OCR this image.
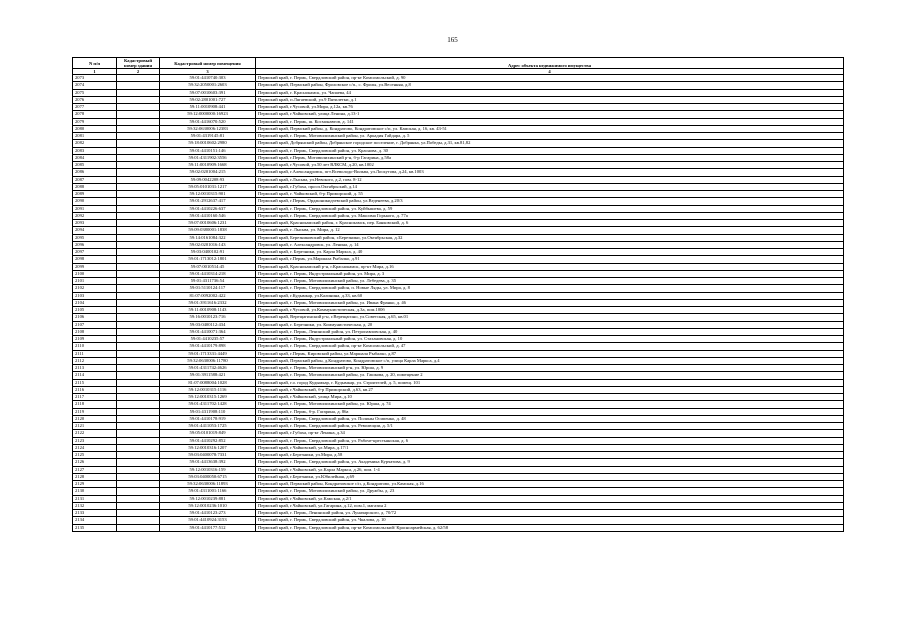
165
N п/п	Кадастровый номер здания	Кадастровый номер помещения	Адрес объекта недвижимого имущества
1	2	3	4
2073		59:01:4410740:303	Пермский край, г. Пермь, Свердловский район, пр-кт Комсомольский, д. 90
2074		59:32:2050001:2603	Пермский край, Пермский район, Фроловское с/п., с. Фролы, ул.Весенняя, д.8
2075		59:07:0010603:391	Пермский край, г. Краснокамск, ул. Чапаева, 44
2076		59:02:2801001:727	Пермский край, п.Лягаевский, ул.9 Пятилетки, д.1
2077		59:11:0010908:441	Пермский край, г.Чусовой, ул.Мира, д.12а, кв.76
2078		59:12:0000000:16923	Пермский край, г.Чайковский, улица Ленина, д.13-1
2079		59:01:4416070:520	Пермский край, г. Пермь, ш. Космонавтов, д. 141
2080		59:32:0630006:12383	Пермский край, Пермский район, д. Кондратово, Кондратовское с/п, ул. Камская, д. 16, кв. 43-51
2081		59:01:4319145:81	Пермский край, г. Пермь, Мотовилихинский район, ул. Аркадия Гайдара, д. 5
2082		59:18:0010602:2980	Пермский край, Добрянский район, Добрянское городское поселение, г. Добрянка, ул.Победы, д.31, кв.81,82
2083		59:01:4410151:146	Пермский край, г. Пермь, Свердловский район, ул. Краснова, д. 30
2084		59:01:4311902:3556	Пермский край, г.Пермь, Мотовилихинский р-н, б-р Гагарина, д.58а
2085		59:11:0010909:1668	Пермский край, г.Чусовой, ул.50 лет ВЛКСМ, д.20, кв.1002
2086		59:02:0201004:215	Пермский край, г.Александровск, пгт.Всеволодо-Вильва, ул.Лоскутова, д.24, кв.1003
2087		59:09:0042208:93	Пермский край, г.Лысьва, ул.Невского, д.2, пом. 8-12
2088		59:05:0101031:1217	Пермский край, г.Губаха, просп.Октябрьский, д.14
2089		59:12:0010315:901	Пермский край, г. Чайковский, б-р Приморский, д. 55
2090		59:01:2912637:417	Пермский край, г.Пермь, Орджоникидзевский район, ул.Веденеева, д.20/3
2091		59:01:4410226:637	Пермский край, г. Пермь, Свердловский район, ул. Куйбышева, д. 59
2092		59:01:4410160:546	Пермский край, г. Пермь, Свердловский район, ул. Максима Горького, д. 77а
2093		59:07:0010606:1231	Пермский край, Краснокамский район, г. Краснокамск, пер. Банковский, д. 6
2094		59:09:0380001:1838	Пермский край, г. Лысьва, ул. Мира, д. 12
2095		59:14:0161084:322	Пермский край, Березниковский район, г.Березники, ул.Октябрьская, д.32
2096		59:02:0201016:143	Пермский край, г. Александровск, ул. Ленина, д. 14
2097		59:03:0400102:91	Пермский край, г. Березники, ул. Карла Маркса, д. 40
2098		59:01:1713012:1801	Пермский край, г.Пермь, ул.Маршала Рыбалко, д.91
2099		59:07:0010514:45	Пермский край, Краснокамский р-н, г.Краснокамск, пр-кт Мира, д.16
2100		59:01:4410314:218	Пермский край, г. Пермь, Индустриальный район, ул. Мира, д. 3
2101		59:01:4311736:54	Пермский край, г. Пермь, Мотовилихинский район, ул. Лебедева, д. 35
2102		59:01:5110124:117	Пермский край, г. Пермь, Свердловский район, п. Новые Ляды, ул. Мира, д. 8
2103		81:07:0092002:422	Пермский край, г.Кудымкар, ул.Калинина, д.33, кв.60
2104		59:01:3911616:2332	Пермский край, г. Пермь, Мотовилихинский район, ул. Ивана Франко, д. 46
2105		59:11:0010908:1143	Пермский край, г.Чусовой, ул.Коммунистическая, д.3а, пом.100б
2106		59:16:0010123:716	Пермский край, Верещагинский р-н, г.Верещагино, ул.Советская, д.65, кв.01
2107		59:03:0400112:434	Пермский край, г. Березники, ул. Коммунистическая, д. 20
2108		59:01:4410071:364	Пермский край, г. Пермь, Ленинский район, ул. Петропавловская, д. 40
2109		59:01:4410235:57	Пермский край, г. Пермь, Индустриальный район, ул. Стахановская, д. 10
2110		59:01:4410179:898	Пермский край, г. Пермь, Свердловский район, пр-кт Комсомольский, д. 47
2111		59:01:1713331:4449	Пермский край, г.Пермь, Кировский район, ул.Маршала Рыбалко, д.87
2112		59:32:0630006:11780	Пермский край, Пермский район, д.Кондратово, Кондратовское с/п, улица Карла Маркса, д.4
2113		59:01:4311742:4626	Пермский край, г. Пермь, Мотовилихинский р-н, ул. Юрша, д. 9
2114		59:01:3911588:421	Пермский край, г. Пермь, Мотовилихинский район, ул. Гашкова, д. 20, помещение 2
2115		81:07:0088004:1028	Пермский край, г.о. город Кудымкар, г. Кудымкар, ул. Строителей, д. 5, помещ. 101
2116		59:12:0010315:1116	Пермский край, г.Чайковский, б-р Приморский, д.63, кв.27
2117		59:12:0010315:1269	Пермский край, г.Чайковский, улица Мира, д.10
2118		59:01:4311702:1428	Пермский край, г. Пермь, Мотовилихинский район, ул. Юрша, д. 74
2119		59:01:4311908:110	Пермский край, г. Пермь, б-р. Гагарина, д. 86а
2120		59:01:4410178:919	Пермский край, г. Пермь, Свердловский район, ул. Полины Осипенко, д. 48
2121		59:01:4411053:1725	Пермский край, г. Пермь, Свердловский район, ул. Революции, д. 5/1
2122		59:05:0101019:849	Пермский край, г.Губаха, пр-кт Ленина, д.34
2123		59:01:4410292:852	Пермский край, г. Пермь, Свердловский район, ул. Рабоче-крестьянская, д. 6
2124		59:12:0010316:1207	Пермский край, г.Чайковский, ул.Мира, д.17/1
2125		59:03:0400078:7331	Пермский край, г.Березники, ул.Мира, д.58
2126		59:01:4413638:392	Пермский край, г. Пермь, Свердловский район, ул. Академика Курчатова, д. 9
2127		59:12:0010316:159	Пермский край, г.Чайковский, ул.Карла Маркса, д.26, пом. 1-4
2128		59:03:0400050:6715	Пермский край, г.Березники, ул.Юбилейная, д.69
2129		59:32:0630006:11893	Пермский край, Пермский район, Кондратовское с/п, д.Кондратово, ул.Камская, д.16
2130		59:01:4311001:1166	Пермский край, г. Пермь, Мотовилихинский район, ул. Дружбы, д. 23
2131		59:12:0010239:881	Пермский край, г.Чайковский, ул.Камская, д.2/1
2132		59:12:0010236:1010	Пермский край, г.Чайковский, ул.Гагарина, д.12, пом.1, магазин 2
2133		59:01:4410123:273	Пермский край, г. Пермь, Ленинский район, ул. Луначарского, д. 70/72
2134		59:01:4410924:3153	Пермский край, г. Пермь, Свердловский район, ул. Чкалова, д. 10
2135		59:01:4410177:512	Пермский край, г. Пермь, Свердловский район, пр-кт Комсомольский/ Красноармейская, д. 62/58
